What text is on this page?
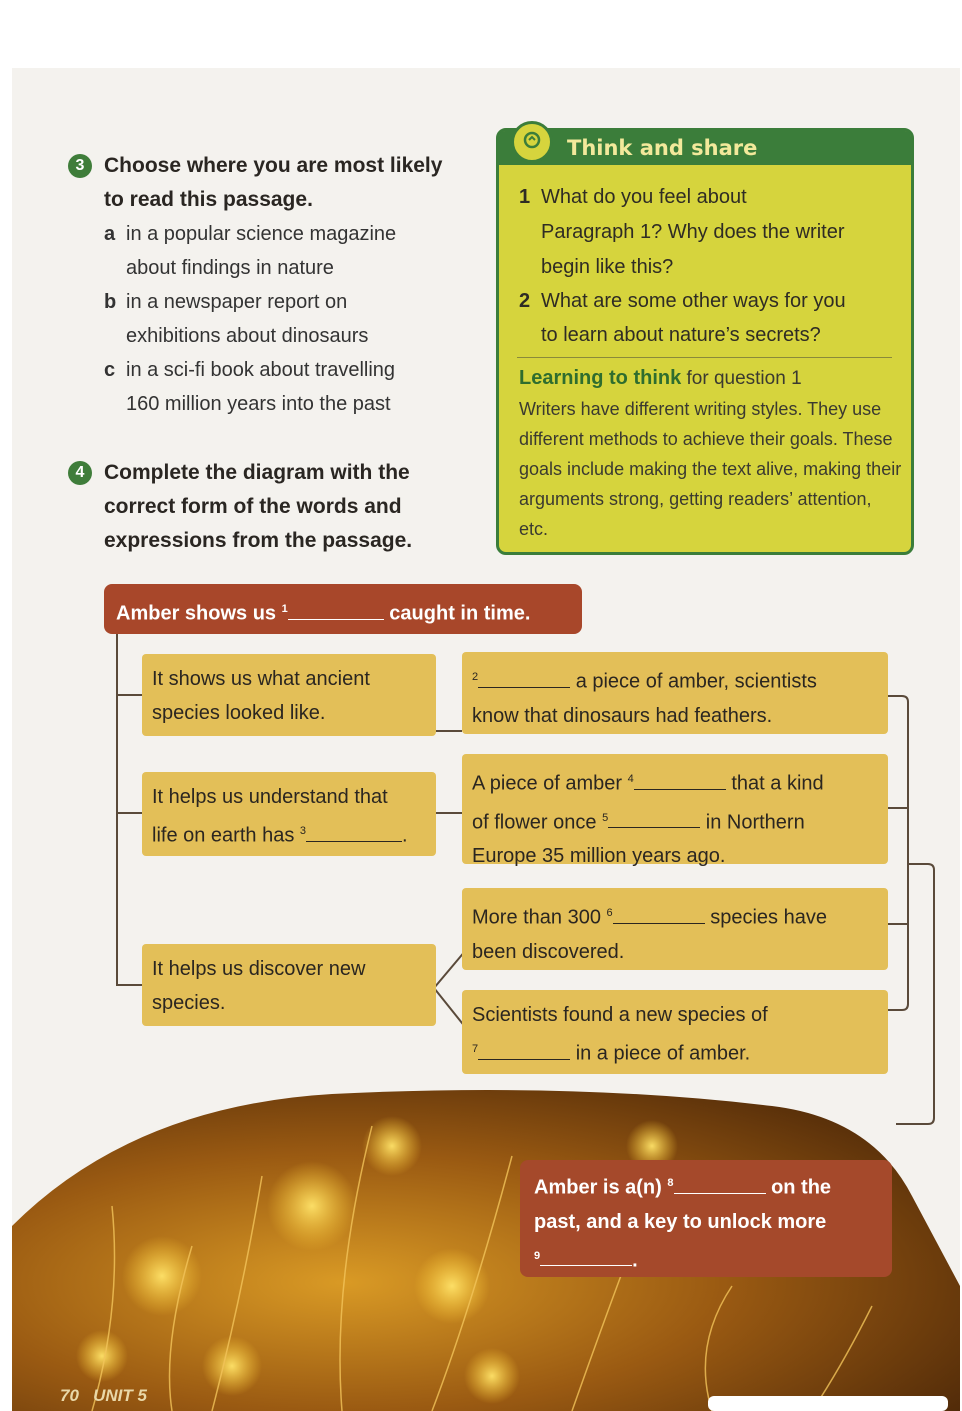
3 Choose where you are most likely
to read this passage.
a in a popular science magazine
about findings in nature
b in a newspaper report on
exhibitions about dinosaurs
c in a sci-fi book about travelling
160 million years into the past
4 Complete the diagram with the
correct form of the words and
expressions from the passage.
Think and share
1 What do you feel about
Paragraph 1? Why does the writer
begin like this?
2 What are some other ways for you
to learn about nature’s secrets?
Learning to think for question 1
Writers have different writing styles. They use different methods to achieve their goals. These goals include making the text alive, making their arguments strong, getting readers’ attention, etc.
Amber shows us $^1$	caught in time.
It shows us what ancient
species looked like.
It helps us understand that
life on earth has $^3$	.
It helps us discover new
species.
$^2$	a piece of amber, scientists
know that dinosaurs had feathers.
A piece of amber $^4$	that a kind
of flower once $^5$	in Northern
Europe 35 million years ago.
More than 300 $^6$	species have
been discovered.
Scientists found a new species of
$^7$	in a piece of amber.
Amber is a(n) $^8$	on the
past, and a key to unlock more
$^9$	.
70 UNIT 5
